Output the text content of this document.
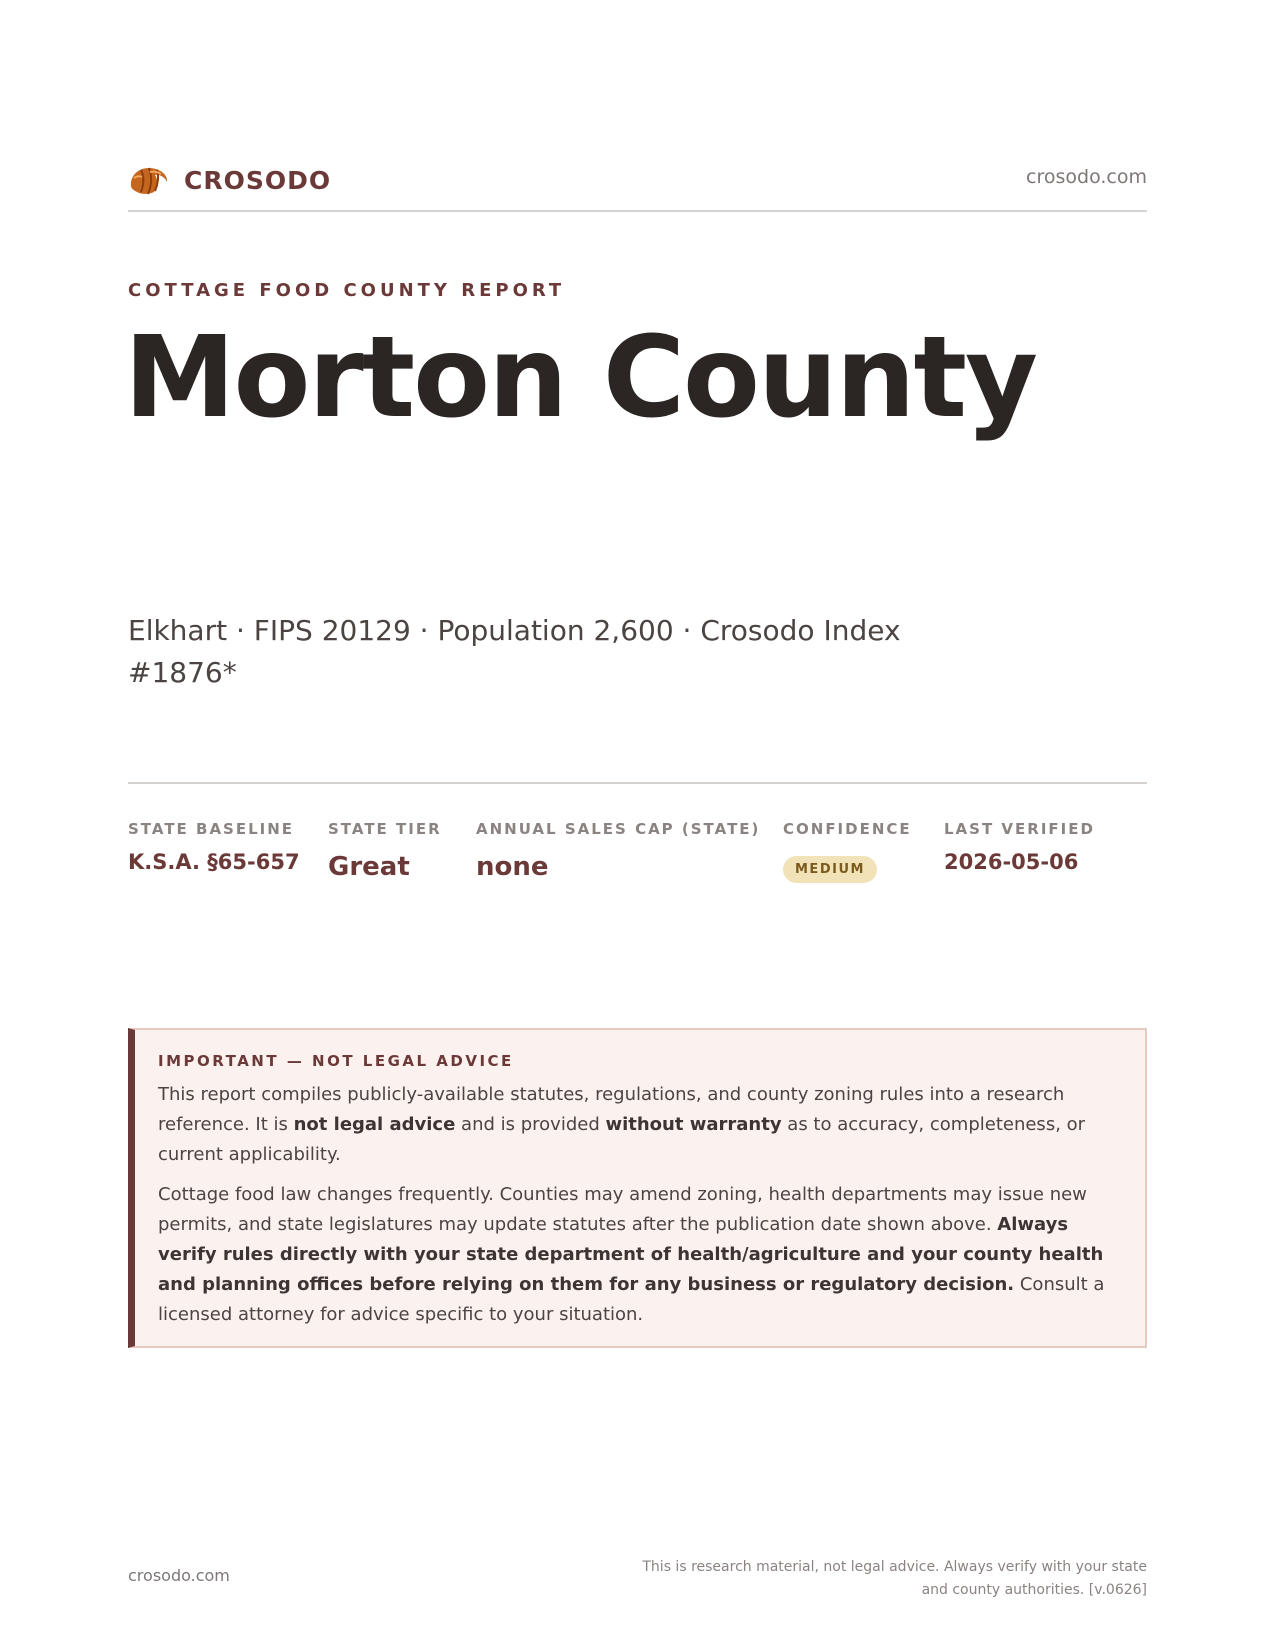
CROSODO	crosodo.com
COTTAGE FOOD COUNTY REPORT
Morton County
Elkhart · FIPS 20129 · Population 2,600 · Crosodo Index #1876*
STATE BASELINE
K.S.A. §65-657
STATE TIER
Great
ANNUAL SALES CAP (STATE)
none
CONFIDENCE
MEDIUM
LAST VERIFIED
2026-05-06
IMPORTANT — NOT LEGAL ADVICE

This report compiles publicly-available statutes, regulations, and county zoning rules into a research reference. It is not legal advice and is provided without warranty as to accuracy, completeness, or current applicability.

Cottage food law changes frequently. Counties may amend zoning, health departments may issue new permits, and state legislatures may update statutes after the publication date shown above. Always verify rules directly with your state department of health/agriculture and your county health and planning offices before relying on them for any business or regulatory decision. Consult a licensed attorney for advice specific to your situation.

crosodo.com	This is research material, not legal advice. Always verify with your state and county authorities. [v.0626]
